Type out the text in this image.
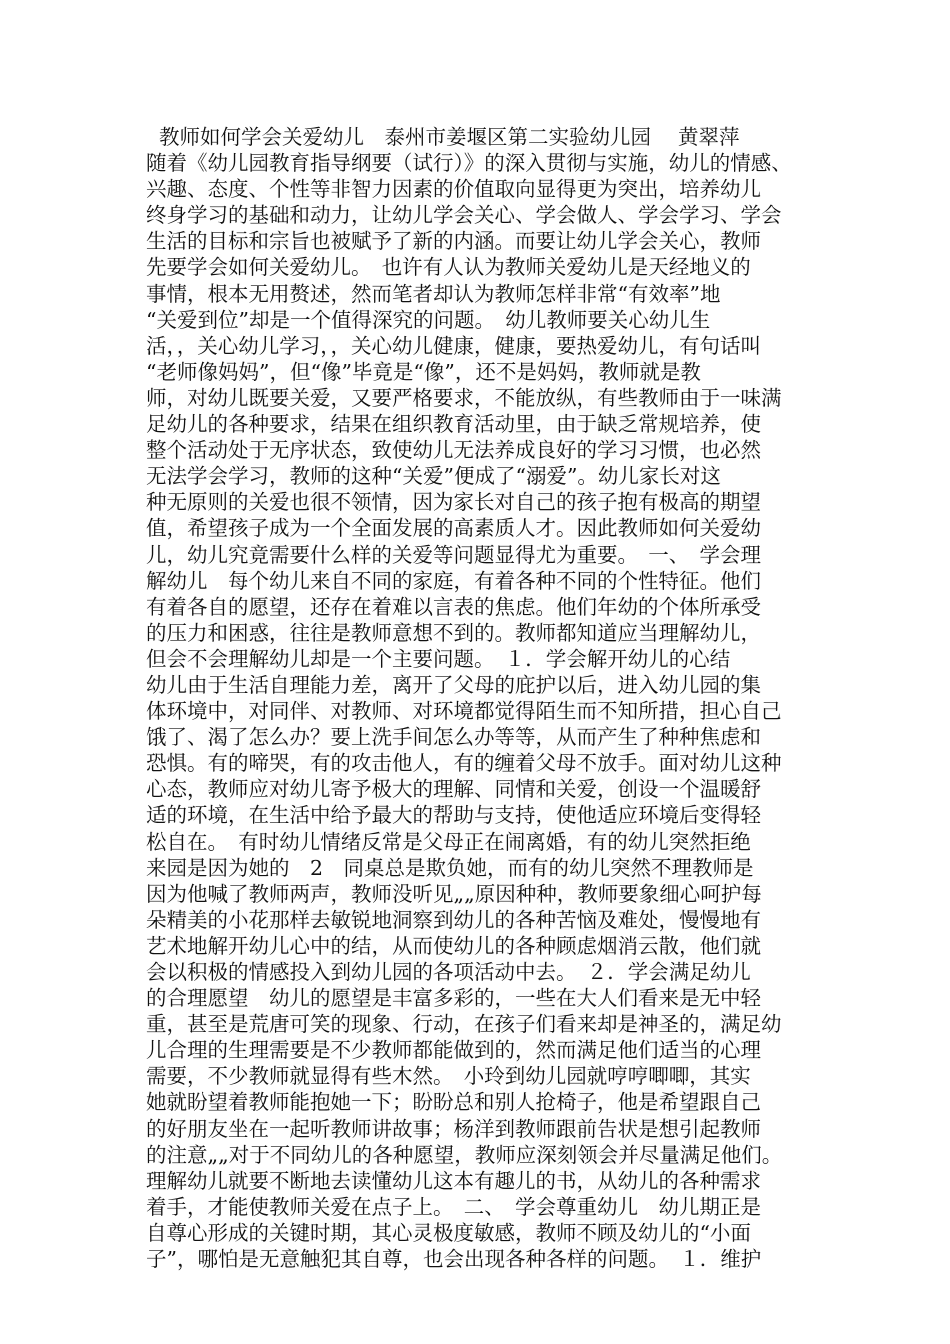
教师如何学会关爱幼儿　泰州市姜堰区第二实验幼儿园　 黄翠萍
随着《幼儿园教育指导纲要（试行）》的深入贯彻与实施，幼儿的情感、
兴趣、态度、个性等非智力因素的价值取向显得更为突出，培养幼儿
终身学习的基础和动力，让幼儿学会关心、学会做人、学会学习、学会
生活的目标和宗旨也被赋予了新的内涵。而要让幼儿学会关心，教师
先要学会如何关爱幼儿。　也许有人认为教师关爱幼儿是天经地义的
事情，根本无用赘述，然而笔者却认为教师怎样非常“有效率”地
“关爱到位”却是一个值得深究的问题。　幼儿教师要关心幼儿生
活，，关心幼儿学习，，关心幼儿健康，健康，要热爱幼儿，有句话叫
“老师像妈妈”，但“像”毕竟是“像”，还不是妈妈，教师就是教
师，对幼儿既要关爱，又要严格要求，不能放纵，有些教师由于一味满
足幼儿的各种要求，结果在组织教育活动里，由于缺乏常规培养，使
整个活动处于无序状态，致使幼儿无法养成良好的学习习惯，也必然
无法学会学习，教师的这种“关爱”便成了“溺爱”。幼儿家长对这
种无原则的关爱也很不领情，因为家长对自己的孩子抱有极高的期望
值，希望孩子成为一个全面发展的高素质人才。因此教师如何关爱幼
儿，幼儿究竟需要什么样的关爱等问题显得尤为重要。　一、　学会理
解幼儿　每个幼儿来自不同的家庭，有着各种不同的个性特征。他们
有着各自的愿望，还存在着难以言表的焦虑。他们年幼的个体所承受
的压力和困惑，往往是教师意想不到的。教师都知道应当理解幼儿，
但会不会理解幼儿却是一个主要问题。　１．学会解开幼儿的心结
幼儿由于生活自理能力差，离开了父母的庇护以后，进入幼儿园的集
体环境中，对同伴、对教师、对环境都觉得陌生而不知所措，担心自己
饿了、渴了怎么办？要上洗手间怎么办等等，从而产生了种种焦虑和
恐惧。有的啼哭，有的攻击他人，有的缠着父母不放手。面对幼儿这种
心态，教师应对幼儿寄予极大的理解、同情和关爱，创设一个温暖舒
适的环境，在生活中给予最大的帮助与支持，使他适应环境后变得轻
松自在。　有时幼儿情绪反常是父母正在闹离婚，有的幼儿突然拒绝
来园是因为她的　2　同桌总是欺负她，而有的幼儿突然不理教师是
因为他喊了教师两声，教师没听见„„原因种种，教师要象细心呵护每
朵精美的小花那样去敏锐地洞察到幼儿的各种苦恼及难处，慢慢地有
艺术地解开幼儿心中的结，从而使幼儿的各种顾虑烟消云散，他们就
会以积极的情感投入到幼儿园的各项活动中去。　２．学会满足幼儿
的合理愿望　幼儿的愿望是丰富多彩的，一些在大人们看来是无中轻
重，甚至是荒唐可笑的现象、行动，在孩子们看来却是神圣的，满足幼
儿合理的生理需要是不少教师都能做到的，然而满足他们适当的心理
需要，不少教师就显得有些木然。　小玲到幼儿园就哼哼唧唧，其实
她就盼望着教师能抱她一下；盼盼总和别人抢椅子，他是希望跟自己
的好朋友坐在一起听教师讲故事；杨洋到教师跟前告状是想引起教师
的注意„„对于不同幼儿的各种愿望，教师应深刻领会并尽量满足他们。
理解幼儿就要不断地去读懂幼儿这本有趣儿的书，从幼儿的各种需求
着手，才能使教师关爱在点子上。　二、　学会尊重幼儿　幼儿期正是
自尊心形成的关键时期，其心灵极度敏感，教师不顾及幼儿的“小面
子”，哪怕是无意触犯其自尊，也会出现各种各样的问题。　１．维护
